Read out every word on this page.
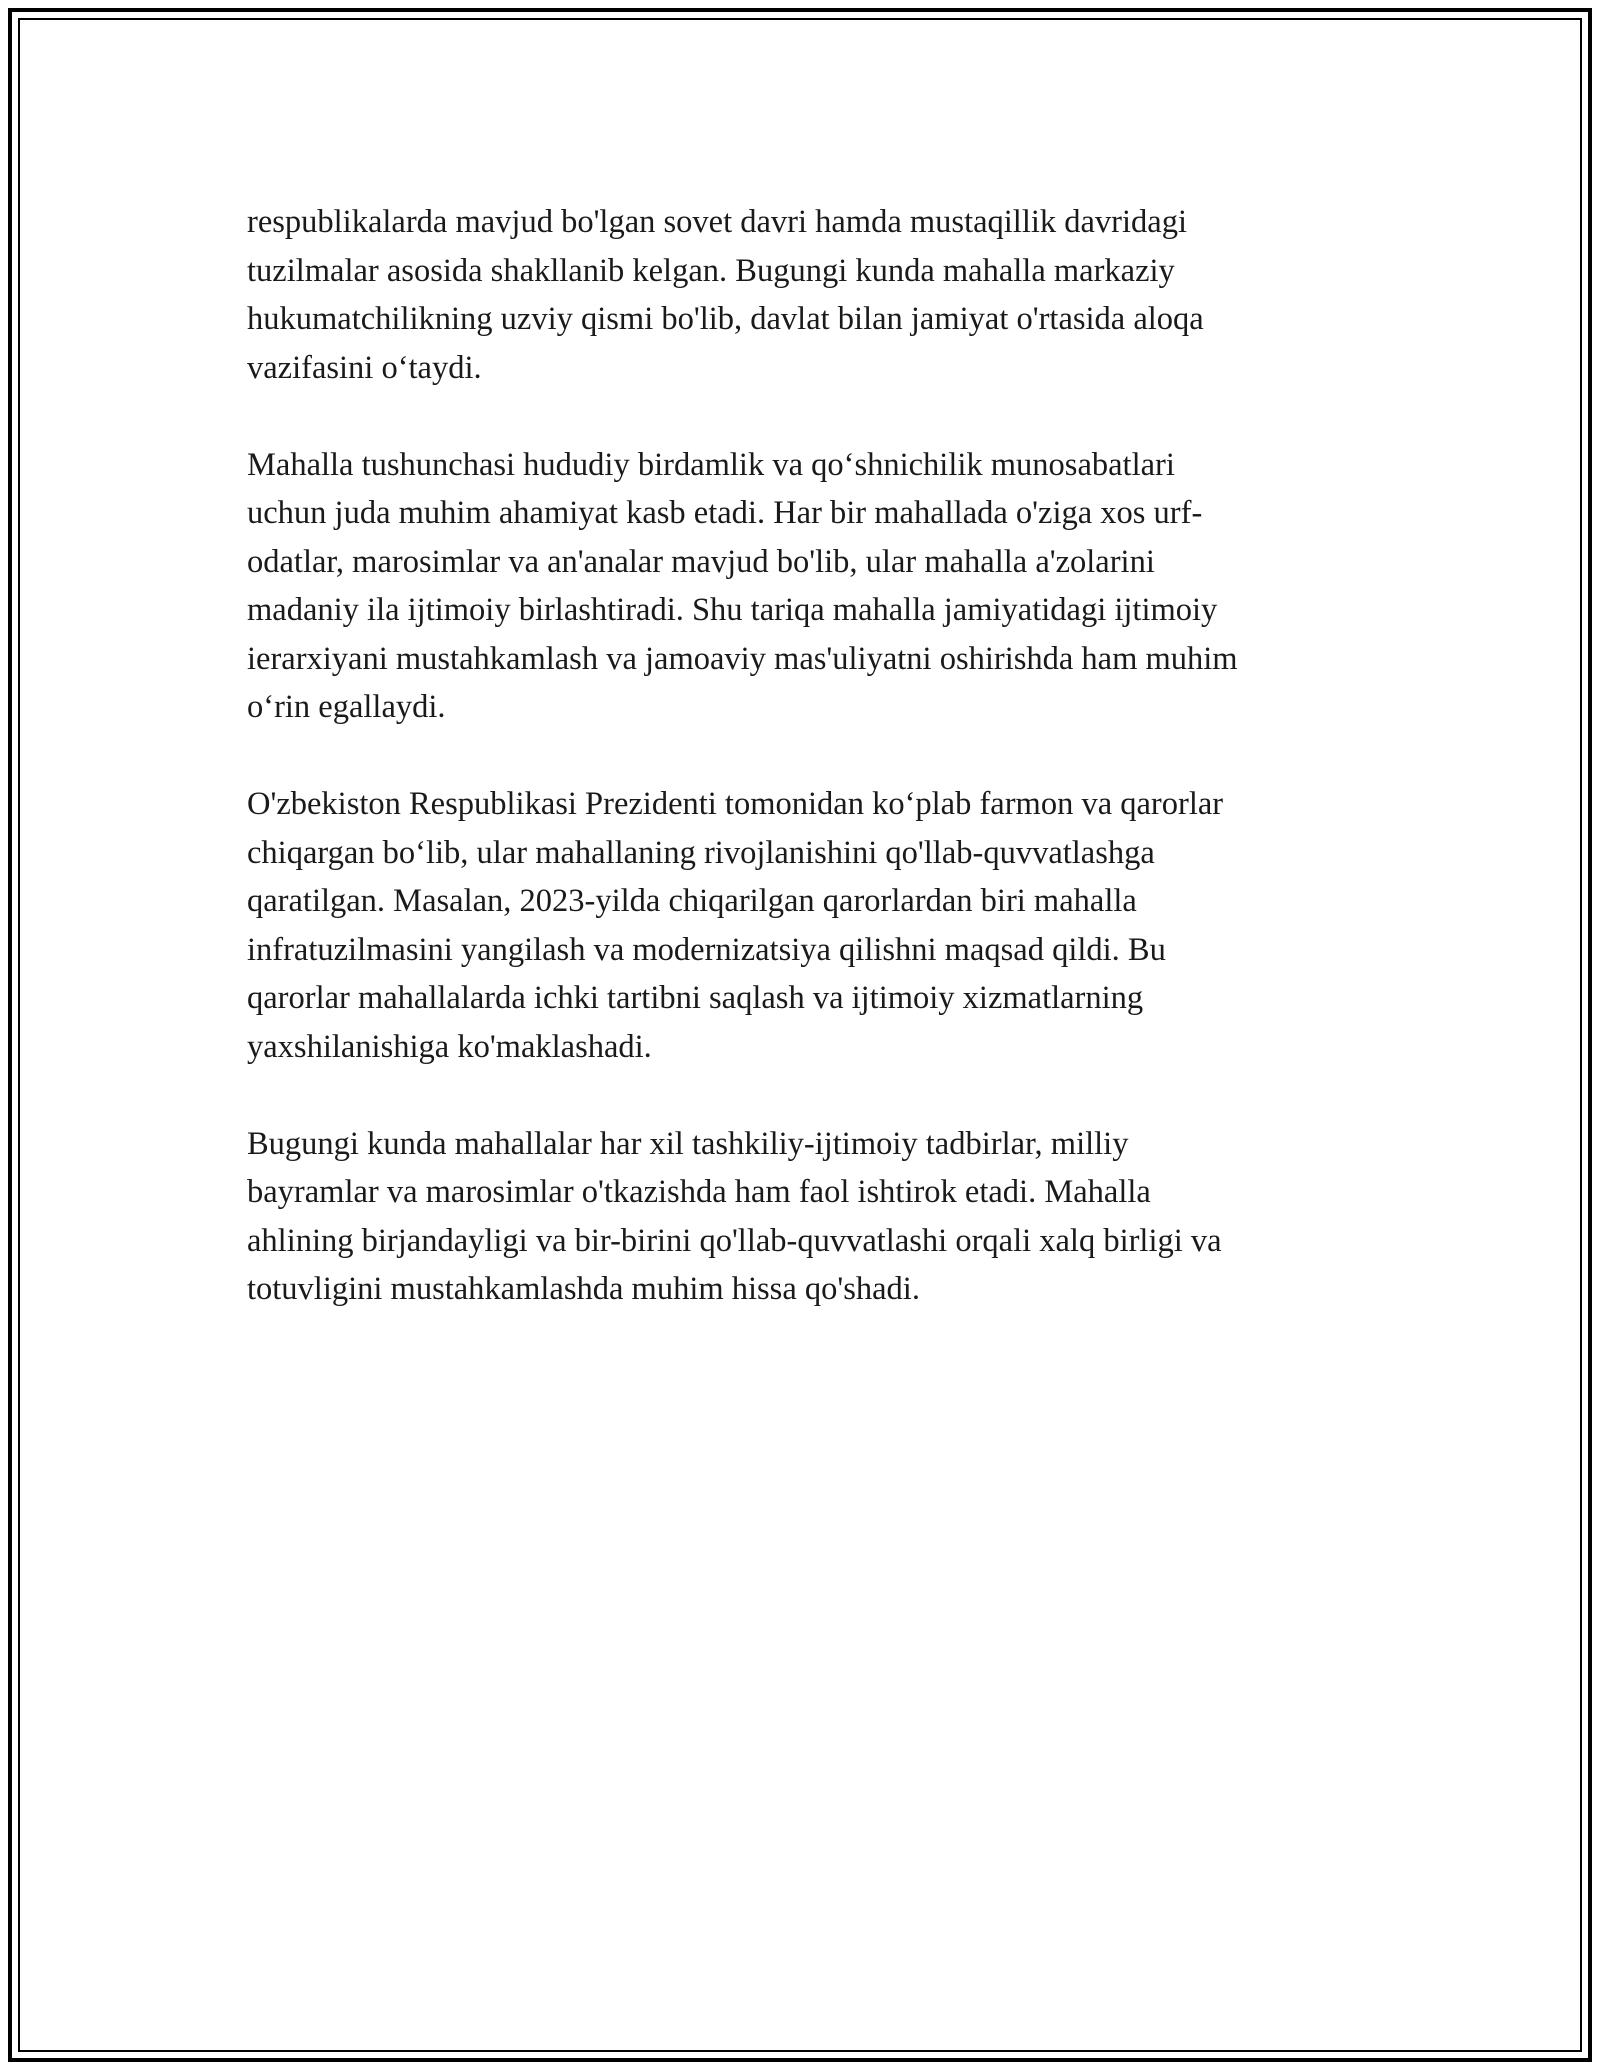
respublikalarda mavjud bo'lgan sovet davri hamda mustaqillik davridagi
tuzilmalar asosida shakllanib kelgan. Bugungi kunda mahalla markaziy
hukumatchilikning uzviy qismi bo'lib, davlat bilan jamiyat o'rtasida aloqa
vazifasini o‘taydi.

Mahalla tushunchasi hududiy birdamlik va qo‘shnichilik munosabatlari
uchun juda muhim ahamiyat kasb etadi. Har bir mahallada o'ziga xos urf-
odatlar, marosimlar va an'analar mavjud bo'lib, ular mahalla a'zolarini
madaniy ila ijtimoiy birlashtiradi. Shu tariqa mahalla jamiyatidagi ijtimoiy
ierarxiyani mustahkamlash va jamoaviy mas'uliyatni oshirishda ham muhim
o‘rin egallaydi.

O'zbekiston Respublikasi Prezidenti tomonidan ko‘plab farmon va qarorlar
chiqargan bo‘lib, ular mahallaning rivojlanishini qo'llab-quvvatlashga
qaratilgan. Masalan, 2023-yilda chiqarilgan qarorlardan biri mahalla
infratuzilmasini yangilash va modernizatsiya qilishni maqsad qildi. Bu
qarorlar mahallalarda ichki tartibni saqlash va ijtimoiy xizmatlarning
yaxshilanishiga ko'maklashadi.

Bugungi kunda mahallalar har xil tashkiliy-ijtimoiy tadbirlar, milliy
bayramlar va marosimlar o'tkazishda ham faol ishtirok etadi. Mahalla
ahlining birjandayligi va bir-birini qo'llab-quvvatlashi orqali xalq birligi va
totuvligini mustahkamlashda muhim hissa qo'shadi.
